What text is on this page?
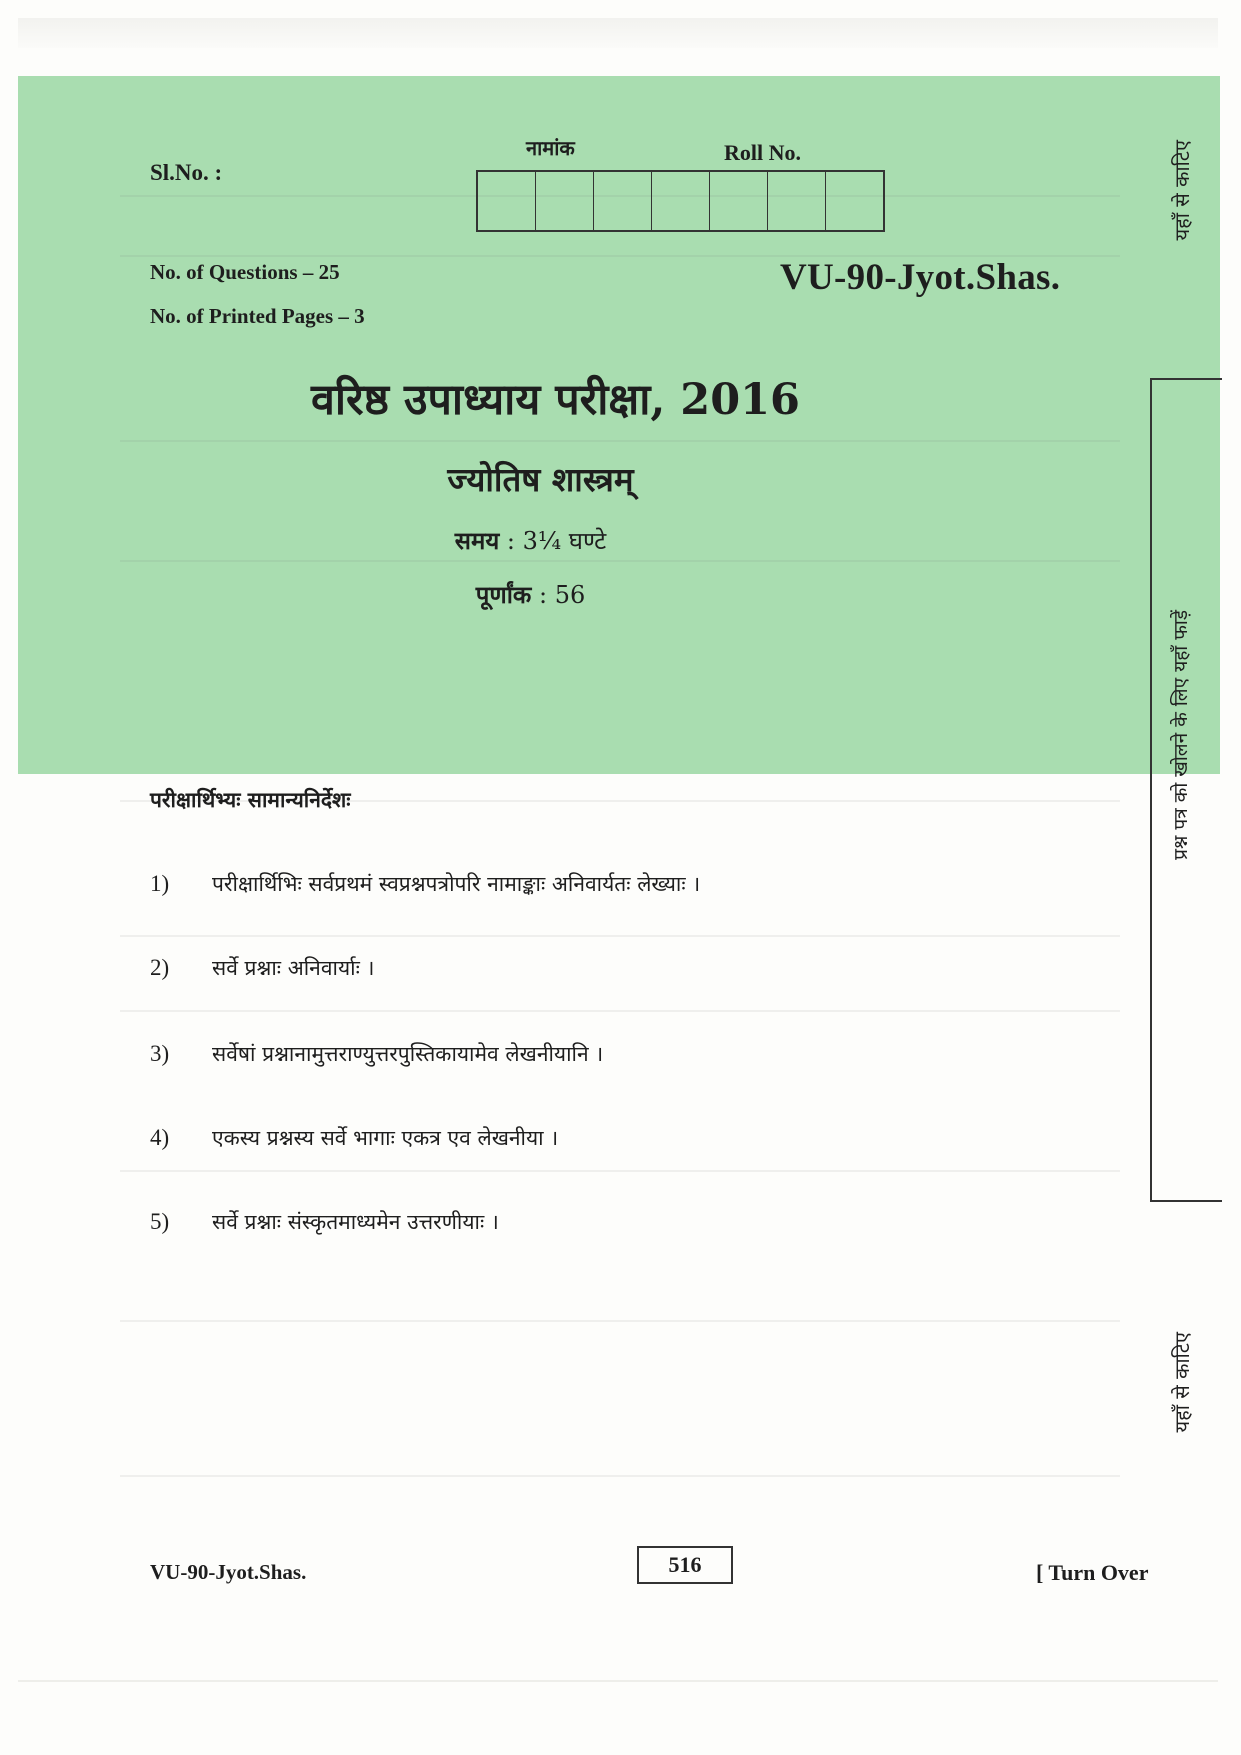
Sl.No. :
नामांक	Roll No.
No. of Questions – 25
No. of Printed Pages – 3
VU-90-Jyot.Shas.
वरिष्ठ उपाध्याय परीक्षा, 2016
ज्योतिष शास्त्रम्
समय : 3¼ घण्टे
पूर्णांक : 56
परीक्षार्थिभ्यः सामान्यनिर्देशः
1) परीक्षार्थिभिः सर्वप्रथमं स्वप्रश्नपत्रोपरि नामाङ्काः अनिवार्यतः लेख्याः ।
2) सर्वे प्रश्नाः अनिवार्याः ।
3) सर्वेषां प्रश्नानामुत्तराण्युत्तरपुस्तिकायामेव लेखनीयानि ।
4) एकस्य प्रश्नस्य सर्वे भागाः एकत्र एव लेखनीया ।
5) सर्वे प्रश्नाः संस्कृतमाध्यमेन उत्तरणीयाः ।
यहाँ से काटिए
प्रश्न पत्र को खोलने के लिए यहाँ फाड़ें
यहाँ से काटिए
VU-90-Jyot.Shas.	516	[ Turn Over
